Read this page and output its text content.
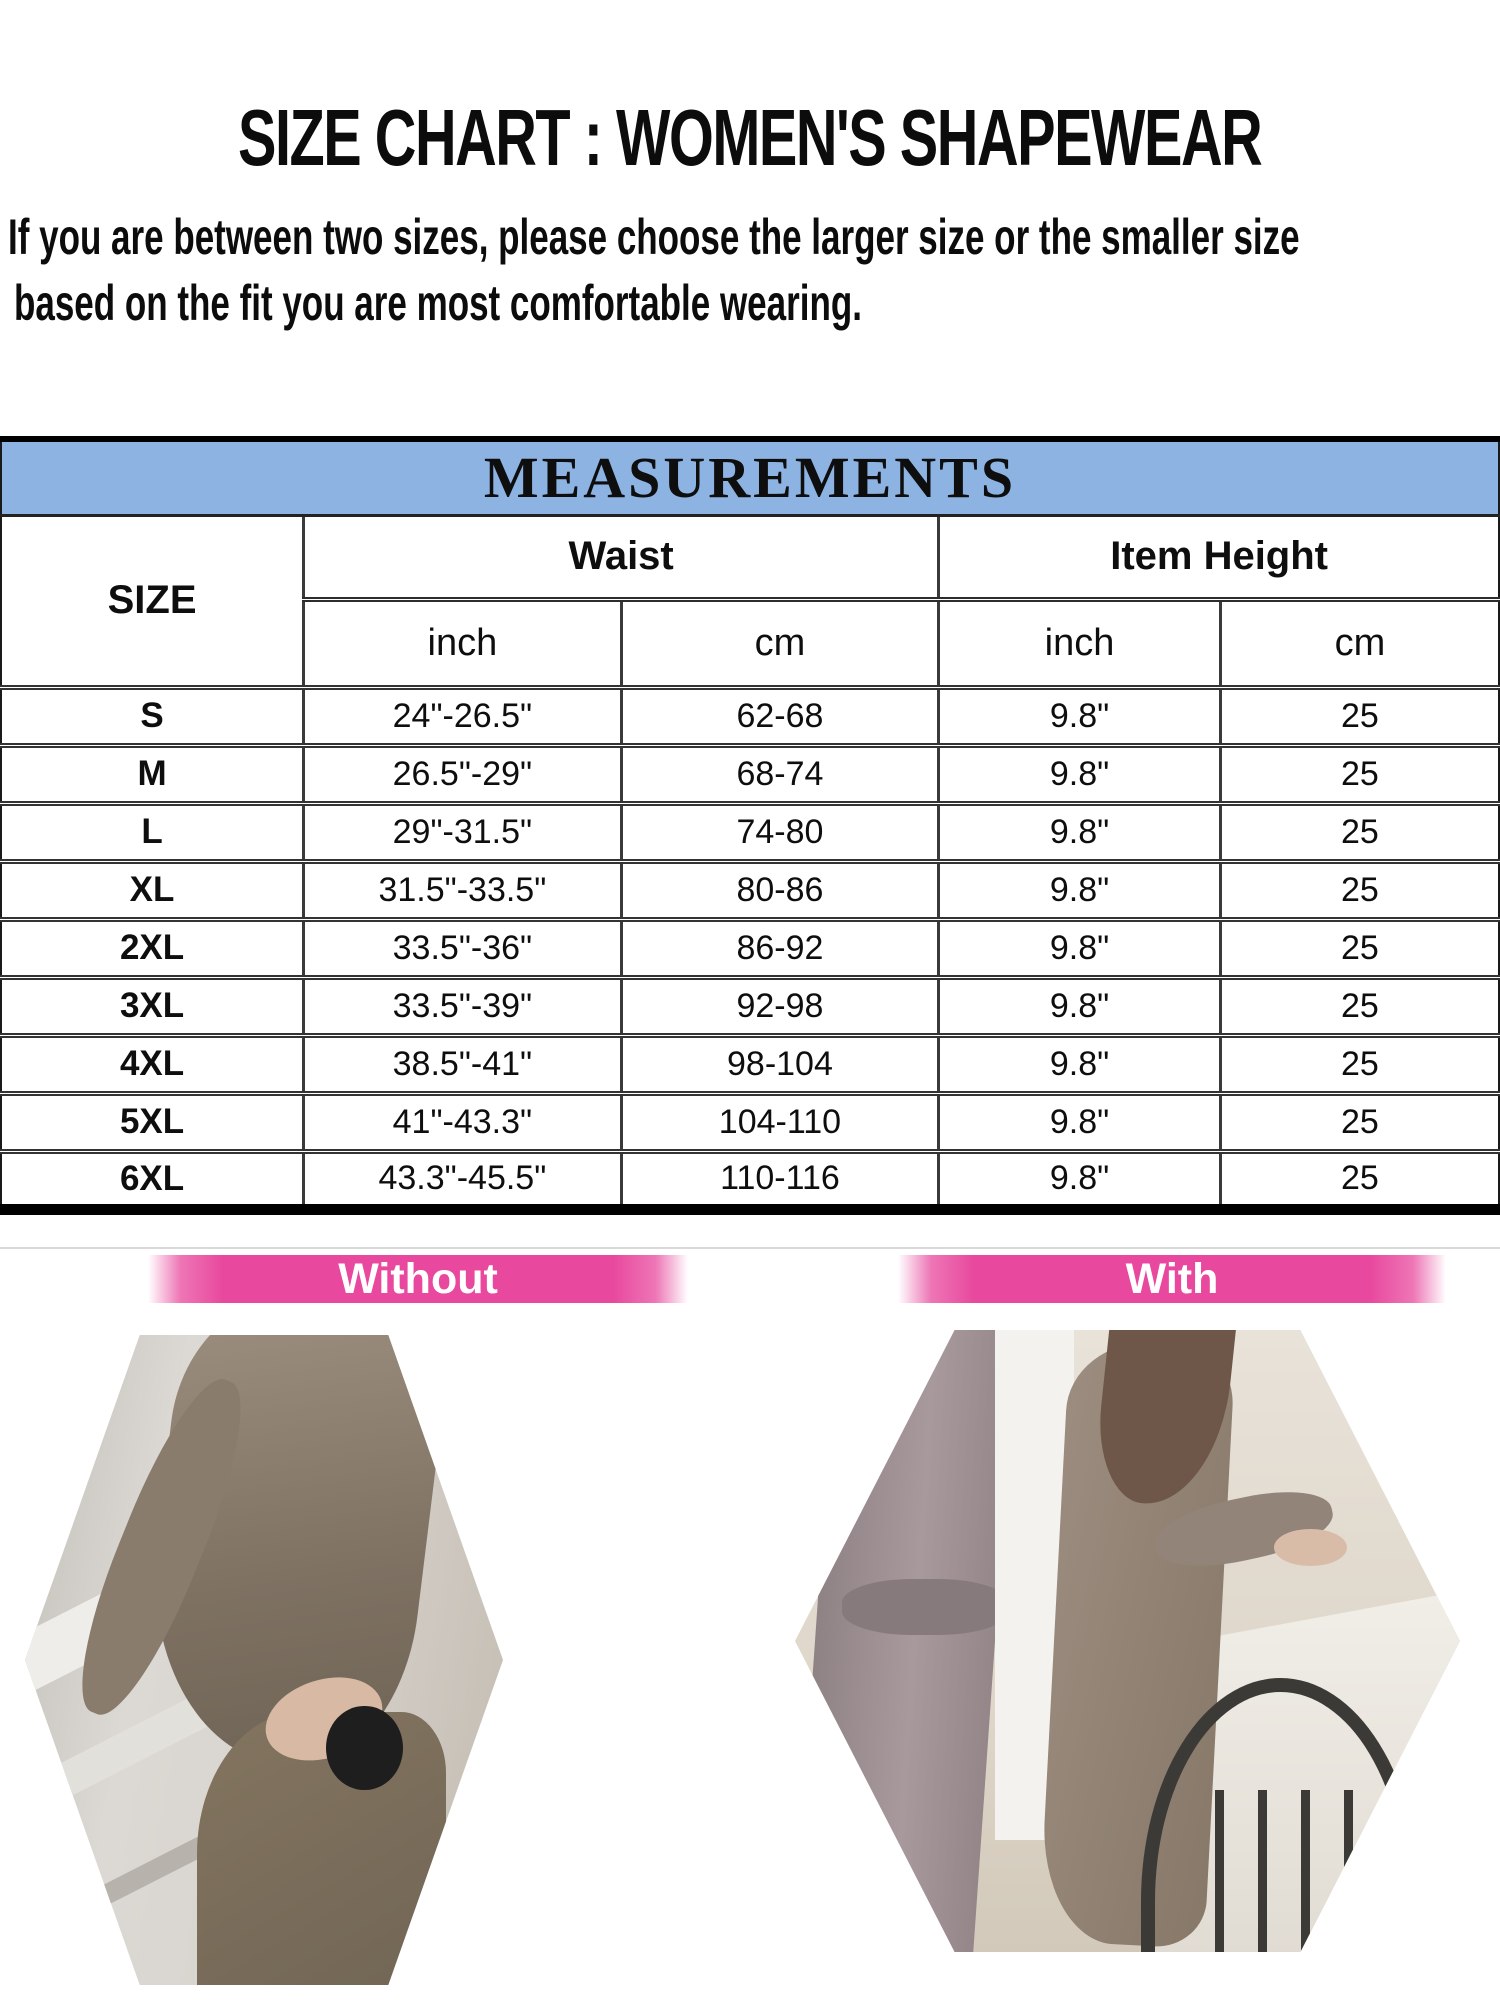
SIZE CHART : WOMEN'S SHAPEWEAR
If you are between two sizes, please choose the larger size or the smaller size
based on the fit you are most comfortable wearing.
MEASUREMENTS				
SIZE	Waist		Item Height	
	inch	cm	inch	cm
S	24"-26.5"	62-68	9.8"	25
M	26.5"-29"	68-74	9.8"	25
L	29"-31.5"	74-80	9.8"	25
XL	31.5"-33.5"	80-86	9.8"	25
2XL	33.5"-36"	86-92	9.8"	25
3XL	33.5"-39"	92-98	9.8"	25
4XL	38.5"-41"	98-104	9.8"	25
5XL	41"-43.3"	104-110	9.8"	25
6XL	43.3"-45.5"	110-116	9.8"	25
Without	With
